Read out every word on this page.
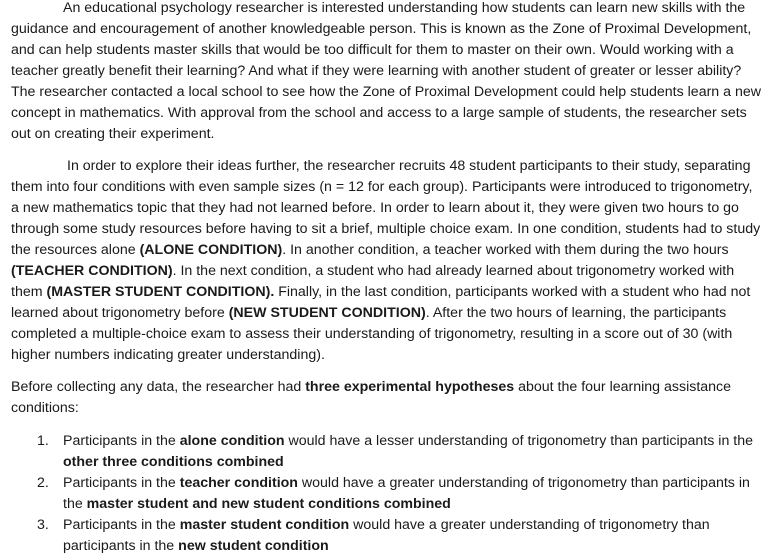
An educational psychology researcher is interested understanding how students can learn new skills with the guidance and encouragement of another knowledgeable person. This is known as the Zone of Proximal Development, and can help students master skills that would be too difficult for them to master on their own. Would working with a teacher greatly benefit their learning? And what if they were learning with another student of greater or lesser ability? The researcher contacted a local school to see how the Zone of Proximal Development could help students learn a new concept in mathematics. With approval from the school and access to a large sample of students, the researcher sets out on creating their experiment.

In order to explore their ideas further, the researcher recruits 48 student participants to their study, separating them into four conditions with even sample sizes (n = 12 for each group). Participants were introduced to trigonometry, a new mathematics topic that they had not learned before. In order to learn about it, they were given two hours to go through some study resources before having to sit a brief, multiple choice exam. In one condition, students had to study the resources alone (ALONE CONDITION). In another condition, a teacher worked with them during the two hours (TEACHER CONDITION). In the next condition, a student who had already learned about trigonometry worked with them (MASTER STUDENT CONDITION). Finally, in the last condition, participants worked with a student who had not learned about trigonometry before (NEW STUDENT CONDITION). After the two hours of learning, the participants completed a multiple-choice exam to assess their understanding of trigonometry, resulting in a score out of 30 (with higher numbers indicating greater understanding).

Before collecting any data, the researcher had three experimental hypotheses about the four learning assistance conditions:

1. Participants in the alone condition would have a lesser understanding of trigonometry than participants in the other three conditions combined
2. Participants in the teacher condition would have a greater understanding of trigonometry than participants in the master student and new student conditions combined
3. Participants in the master student condition would have a greater understanding of trigonometry than participants in the new student condition
